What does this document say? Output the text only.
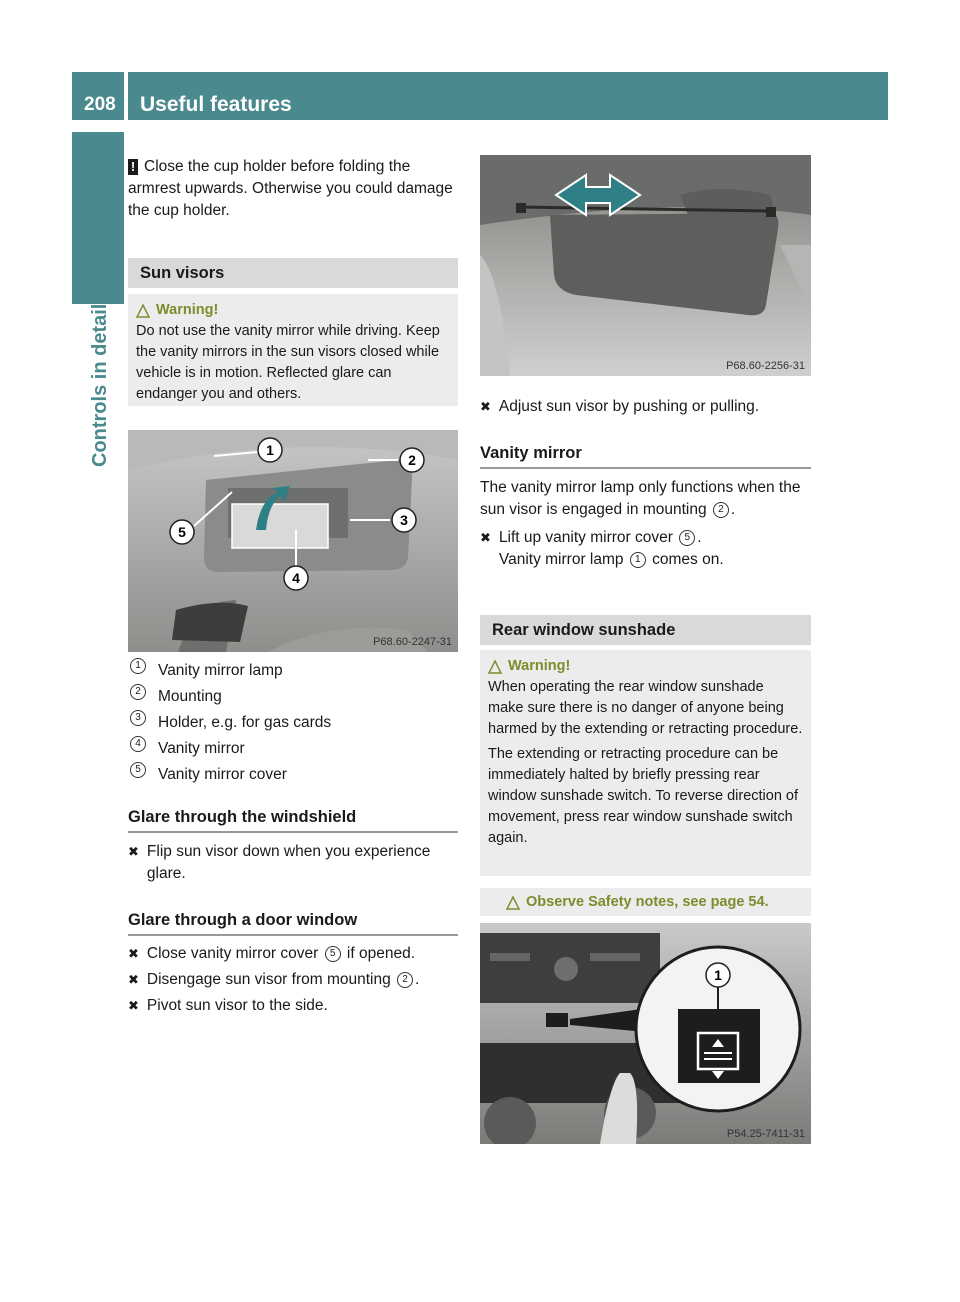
208	Useful features
Controls in detail

! Close the cup holder before folding the armrest upwards. Otherwise you could damage the cup holder.

Sun visors
Warning!
Do not use the vanity mirror while driving. Keep the vanity mirrors in the sun visors closed while vehicle is in motion. Reflected glare can endanger you and others.
1
2
3
4
5
P68.60-2247-31
1	Vanity mirror lamp
2	Mounting
3	Holder, e.g. for gas cards
4	Vanity mirror
5	Vanity mirror cover
Glare through the windshield
✖ Flip sun visor down when you experience glare.
Glare through a door window
✖ Close vanity mirror cover 5 if opened.
✖ Disengage sun visor from mounting 2 .
✖ Pivot sun visor to the side.
P68.60-2256-31
✖ Adjust sun visor by pushing or pulling.
Vanity mirror
The vanity mirror lamp only functions when the sun visor is engaged in mounting 2 .
✖ Lift up vanity mirror cover 5 .
Vanity mirror lamp 1 comes on.
Rear window sunshade
Warning!
When operating the rear window sunshade make sure there is no danger of anyone being harmed by the extending or retracting procedure.
The extending or retracting procedure can be immediately halted by briefly pressing rear window sunshade switch. To reverse direction of movement, press rear window sunshade switch again.
Observe Safety notes, see page 54.
1
P54.25-7411-31
